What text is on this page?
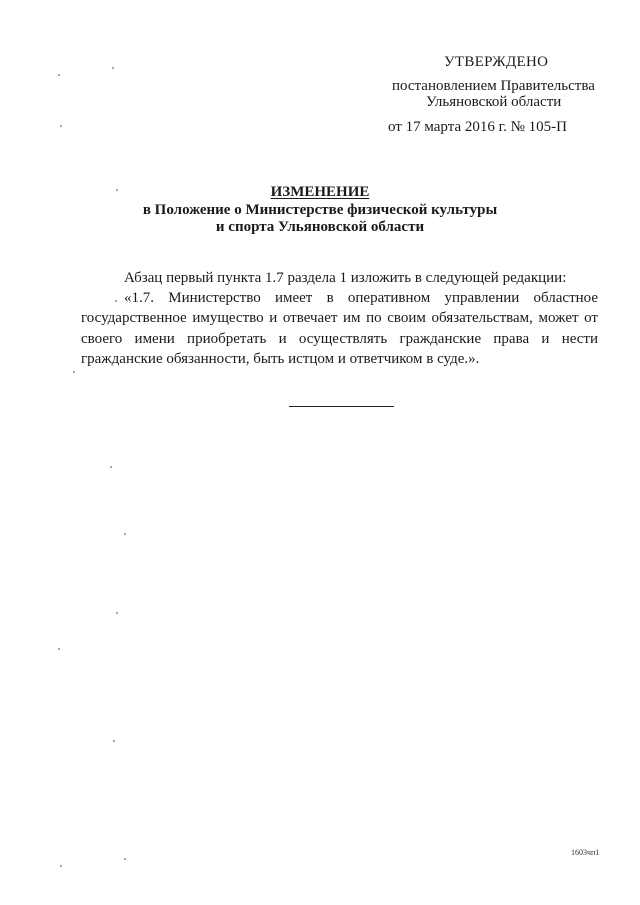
УТВЕРЖДЕНО
постановлением Правительства
Ульяновской области
от 17 марта 2016 г. № 105-П
ИЗМЕНЕНИЕ
в Положение о Министерстве физической культуры
и спорта Ульяновской области
Абзац первый пункта 1.7 раздела 1 изложить в следующей редакции:
«1.7. Министерство имеет в оперативном управлении областное государственное имущество и отвечает им по своим обязательствам, может от своего имени приобретать и осуществлять гражданские права и нести гражданские обязанности, быть истцом и ответчиком в суде.».
1603чп1
